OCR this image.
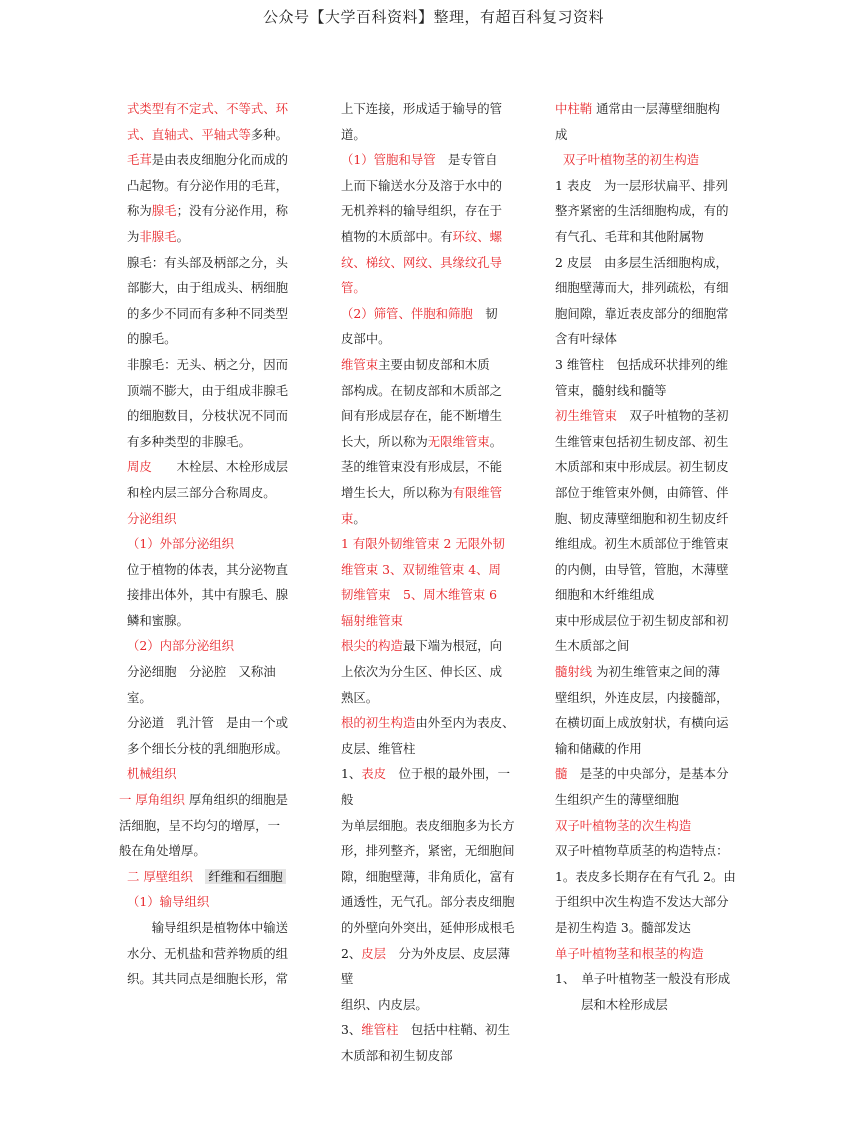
公众号【大学百科资料】整理，有超百科复习资料

式类型有不定式、不等式、环

式、直轴式、平轴式等多种。

毛茸是由表皮细胞分化而成的

凸起物。有分泌作用的毛茸，

称为腺毛；没有分泌作用，称

为非腺毛。

腺毛：有头部及柄部之分，头

部膨大，由于组成头、柄细胞

的多少不同而有多种不同类型

的腺毛。

非腺毛：无头、柄之分，因而

顶端不膨大，由于组成非腺毛

的细胞数目，分枝状况不同而

有多种类型的非腺毛。

周皮　　 木栓层、木栓形成层

和栓内层三部分合称周皮。

分泌组织

（1）外部分泌组织

位于植物的体表，其分泌物直

接排出体外，其中有腺毛、腺

鳞和蜜腺。

（2）内部分泌组织

分泌细胞　分泌腔　又称油

室。

分泌道　乳汁管　是由一个或

多个细长分枝的乳细胞形成。

机械组织

一 厚角组织 厚角组织的细胞是

活细胞，呈不均匀的增厚，一

般在角处增厚。

二 厚壁组织　 纤维和石细胞

（1）输导组织

　　输导组织是植物体中输送

水分、无机盐和营养物质的组

织。其共同点是细胞长形，常

上下连接，形成适于输导的管

道。

（1）管胞和导管　 是专管自

上而下输送水分及溶于水中的

无机养料的输导组织，存在于

植物的木质部中。有环纹、螺

纹、梯纹、网纹、具缘纹孔导

管。

（2）筛管、伴胞和筛胞　 韧

皮部中。

维管束主要由韧皮部和木质

部构成。在韧皮部和木质部之

间有形成层存在，能不断增生

长大，所以称为无限维管束。

茎的维管束没有形成层，不能

增生长大，所以称为有限维管

束。

1 有限外韧维管束 2 无限外韧

维管束 3、双韧维管束 4、周

韧维管束　5、周木维管束 6

辐射维管束

根尖的构造最下端为根冠，向

上依次为分生区、伸长区、成

熟区。

根的初生构造由外至内为表皮、

皮层、维管柱

1、表皮　 位于根的最外围，一般

为单层细胞。表皮细胞多为长方

形，排列整齐，紧密，无细胞间

隙，细胞壁薄，非角质化，富有

通透性，无气孔。部分表皮细胞

的外壁向外突出，延伸形成根毛

2、皮层　 分为外皮层、皮层薄壁

组织、内皮层。

3、维管柱　 包括中柱鞘、初生

木质部和初生韧皮部

中柱鞘 通常由一层薄壁细胞构

成

双子叶植物茎的初生构造

1 表皮　为一层形状扁平、排列

整齐紧密的生活细胞构成，有的

有气孔、毛茸和其他附属物

2 皮层　由多层生活细胞构成，

细胞壁薄而大，排列疏松，有细

胞间隙，靠近表皮部分的细胞常

含有叶绿体

3 维管柱　包括成环状排列的维

管束，髓射线和髓等

初生维管束　 双子叶植物的茎初

生维管束包括初生韧皮部、初生

木质部和束中形成层。初生韧皮

部位于维管束外侧，由筛管、伴

胞、韧皮薄壁细胞和初生韧皮纤

维组成。初生木质部位于维管束

的内侧，由导管，管胞，木薄壁

细胞和木纤维组成

束中形成层位于初生韧皮部和初

生木质部之间

髓射线 为初生维管束之间的薄

壁组织，外连皮层，内接髓部，

在横切面上成放射状，有横向运

输和储藏的作用

髓　 是茎的中央部分，是基本分

生组织产生的薄壁细胞

双子叶植物茎的次生构造

双子叶植物草质茎的构造特点：

1。表皮多长期存在有气孔 2。由

于组织中次生构造不发达大部分

是初生构造 3。髓部发达

单子叶植物茎和根茎的构造

1、　单子叶植物茎一般没有形成

层和木栓形成层
